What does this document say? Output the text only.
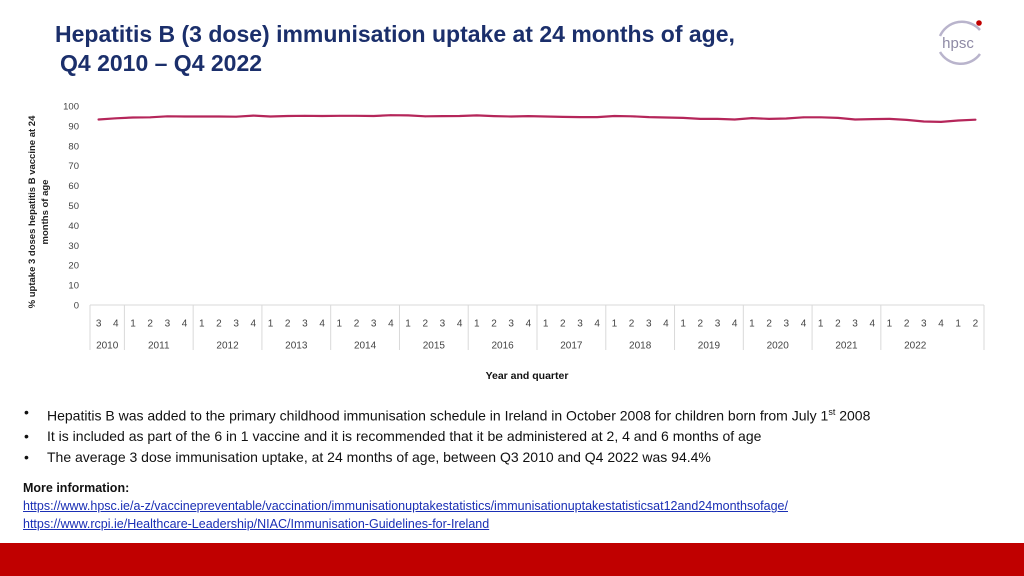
Hepatitis B (3 dose) immunisation uptake at 24 months of age,
Q4 2010 – Q4 2022
hpsc
% uptake 3 doses hepatitis B vaccine at 24 months of age
0
10
20
30
40
50
60
70
80
90
100
3 4 1 2 3 4 1 2 3 4 1 2 3 4 1 2 3 4 1 2 3 4 1 2 3 4 1 2 3 4 1 2 3 4 1 2 3 4 1 2 3 4 1 2 3 4 1 2 3 4 1 2
2010	2011	2012	2013	2014	2015	2016	2017	2018	2019	2020	2021	2022
Year and quarter
• Hepatitis B was added to the primary childhood immunisation schedule in Ireland in October 2008 for children born from July 1st 2008
• It is included as part of the 6 in 1 vaccine and it is recommended that it be administered at 2, 4 and 6 months of age
• The average 3 dose immunisation uptake, at 24 months of age, between Q3 2010 and Q4 2022 was 94.4%
More information:
https://www.hpsc.ie/a-z/vaccinepreventable/vaccination/immunisationuptakestatistics/immunisationuptakestatisticsat12and24monthsofage/
https://www.rcpi.ie/Healthcare-Leadership/NIAC/Immunisation-Guidelines-for-Ireland
